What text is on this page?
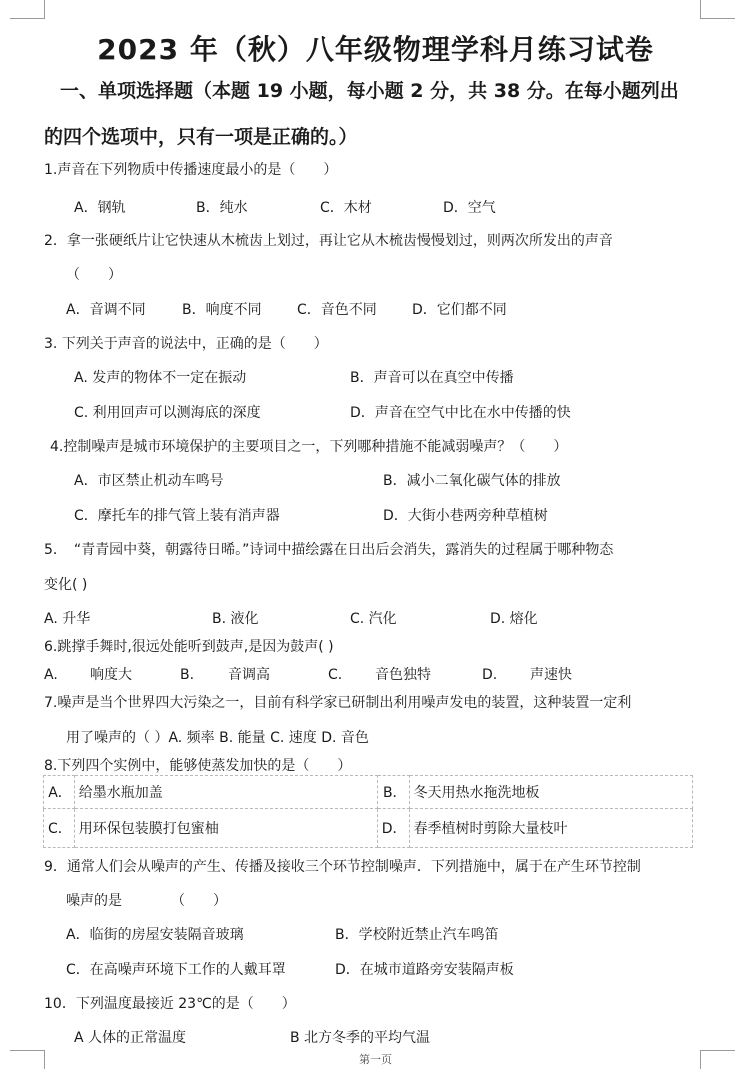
2023 年（秋）八年级物理学科月练习试卷
一、单项选择题（本题 19 小题，每小题 2 分，共 38 分。在每小题列出
的四个选项中，只有一项是正确的。）
1.声音在下列物质中传播速度最小的是（　　）
A．钢轨	B．纯水	C．木材	D．空气
2．拿一张硬纸片让它快速从木梳齿上划过，再让它从木梳齿慢慢划过，则两次所发出的声音
（　　）
A．音调不同	B．响度不同	C．音色不同	D．它们都不同
3. 下列关于声音的说法中，正确的是（　　）
A. 发声的物体不一定在振动	B．声音可以在真空中传播
C. 利用回声可以测海底的深度	D．声音在空气中比在水中传播的快
4.控制噪声是城市环境保护的主要项目之一，下列哪种措施不能减弱噪声？（　　）
A．市区禁止机动车鸣号	B．减小二氧化碳气体的排放
C．摩托车的排气管上装有消声器	D．大街小巷两旁种草植树
5．　“青青园中葵，朝露待日晞。”诗词中描绘露在日出后会消失，露消失的过程属于哪种物态
变化( )
A. 升华	B. 液化	C. 汽化	D. 熔化
6.跳撑手舞时,很远处能听到鼓声,是因为鼓声( )
A. 响度大	B. 音调高	C. 音色独特	D. 声速快
7.噪声是当个世界四大污染之一，目前有科学家已研制出利用噪声发电的装置，这种装置一定利
用了噪声的（ ）A. 频率 B. 能量 C. 速度 D. 音色
8.下列四个实例中，能够使蒸发加快的是（　　）
A．	给墨水瓶加盖	B．	冬天用热水拖洗地板
C．	用环保包装膜打包蜜柚	D．	春季植树时剪除大量枝叶
9．通常人们会从噪声的产生、传播及接收三个环节控制噪声．下列措施中，属于在产生环节控制
噪声的是　　　　（　　）
A．临街的房屋安装隔音玻璃	B．学校附近禁止汽车鸣笛
C．在高噪声环境下工作的人戴耳罩	D．在城市道路旁安装隔声板
10．下列温度最接近 23℃的是（　　）
A 人体的正常温度	B 北方冬季的平均气温
第一页
